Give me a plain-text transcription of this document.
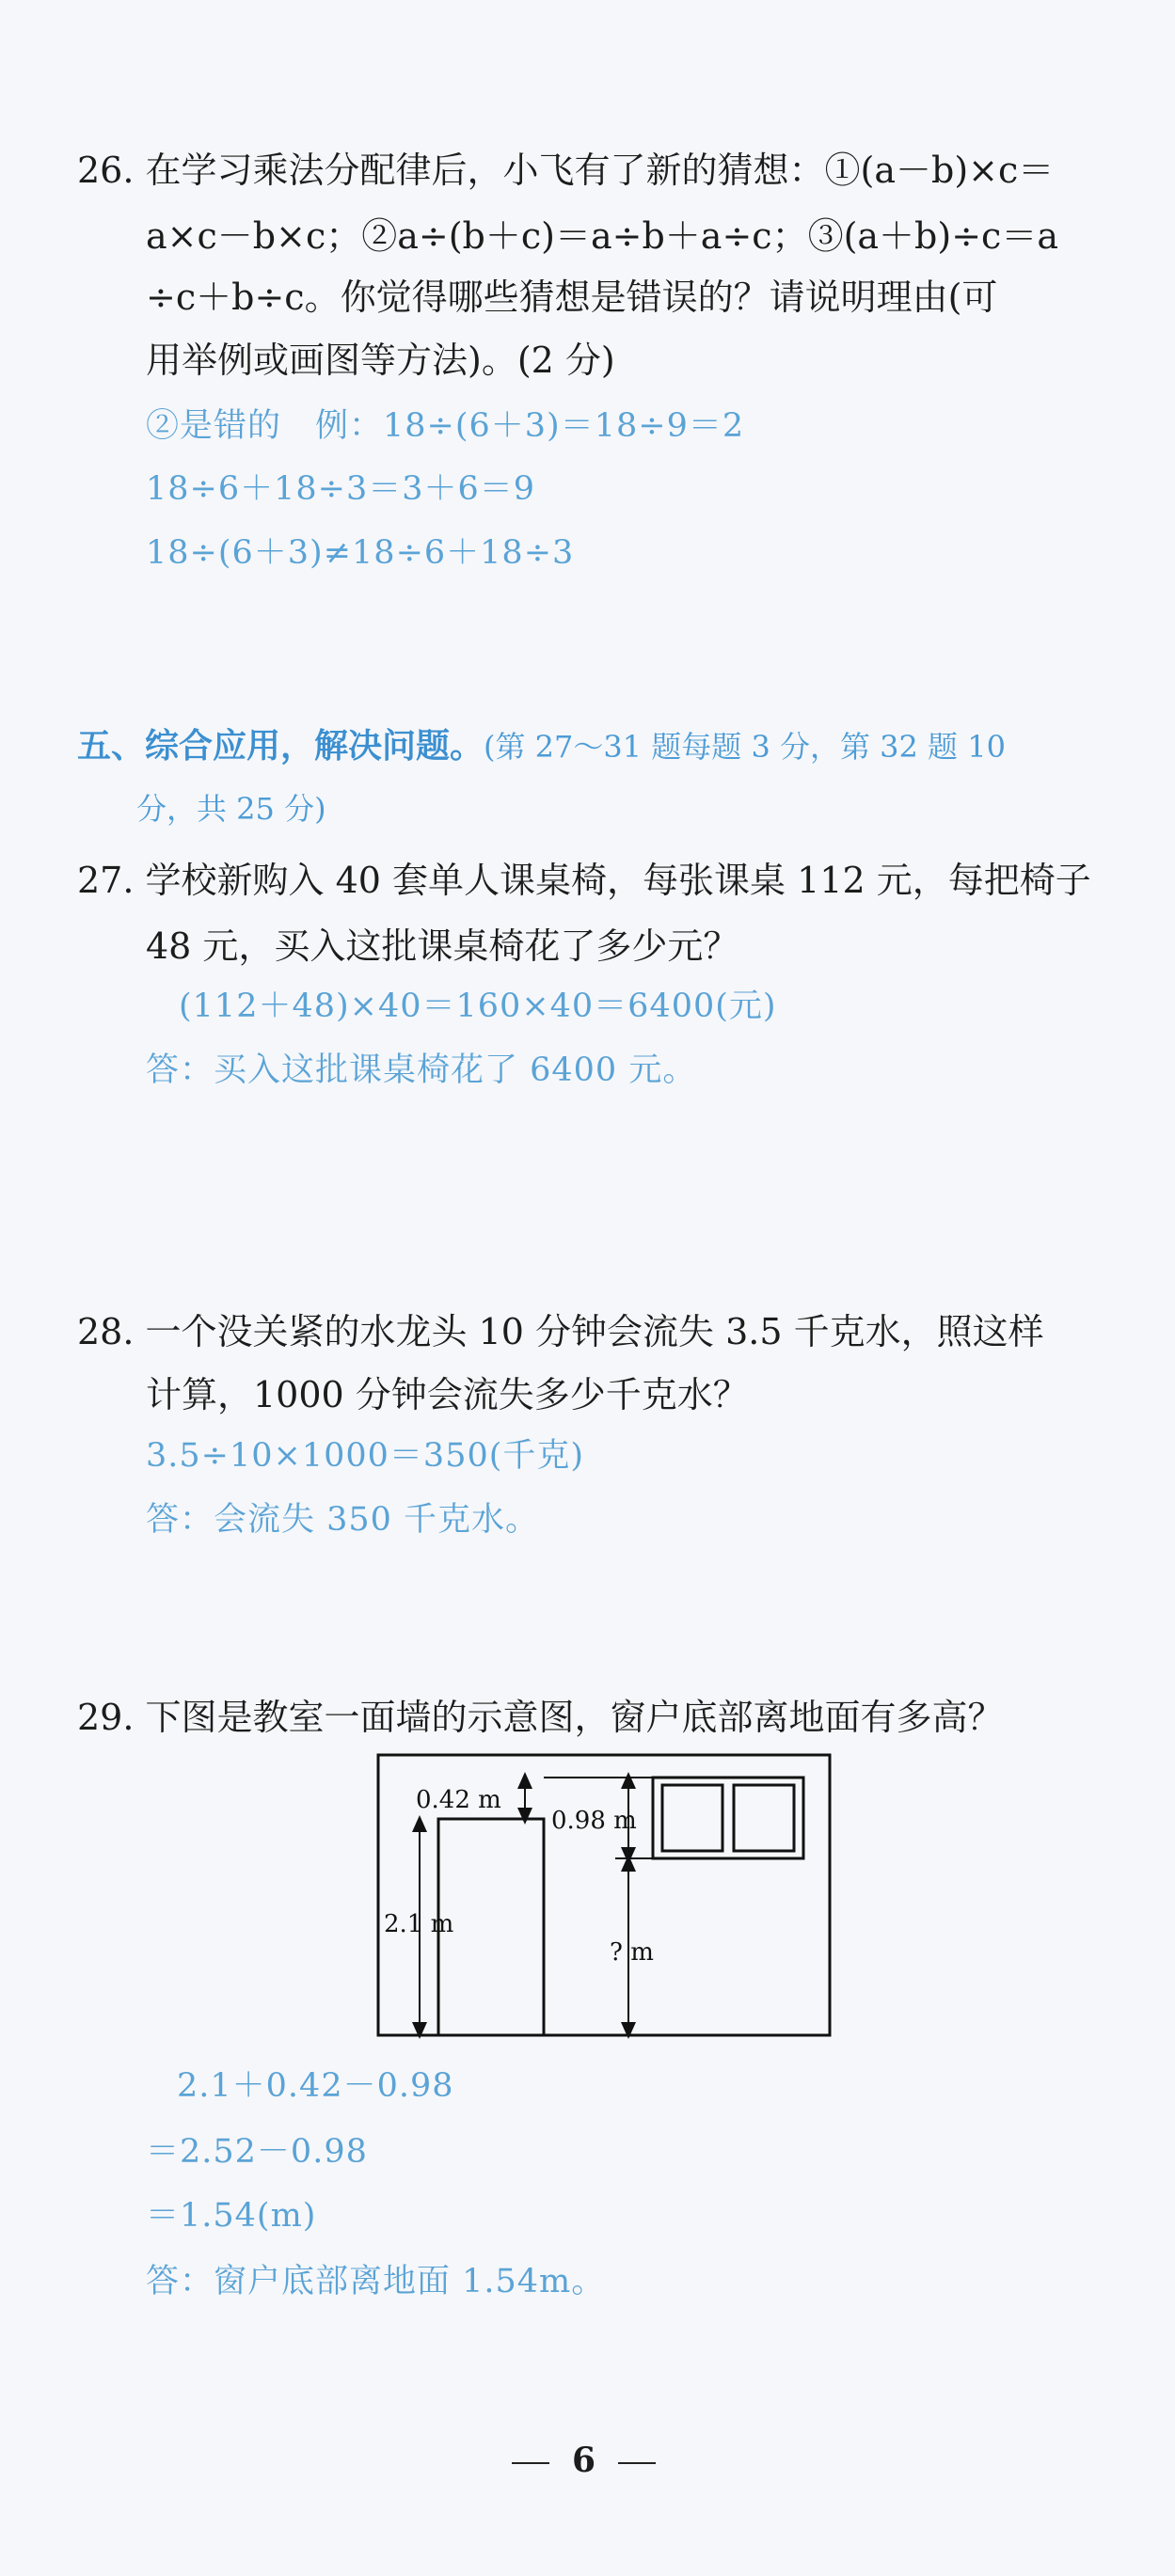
26. 在学习乘法分配律后，小飞有了新的猜想：①(a－b)×c＝
a×c－b×c；②a÷(b＋c)＝a÷b＋a÷c；③(a＋b)÷c＝a
÷c＋b÷c。你觉得哪些猜想是错误的？请说明理由(可
用举例或画图等方法)。(2 分)
②是错的　例：18÷(6＋3)＝18÷9＝2
18÷6＋18÷3＝3＋6＝9
18÷(6＋3)≠18÷6＋18÷3
五、综合应用，解决问题。(第 27～31 题每题 3 分，第 32 题 10
分，共 25 分)
27. 学校新购入 40 套单人课桌椅，每张课桌 112 元，每把椅子
48 元，买入这批课桌椅花了多少元？
(112＋48)×40＝160×40＝6400(元)
答：买入这批课桌椅花了 6400 元。
28. 一个没关紧的水龙头 10 分钟会流失 3.5 千克水，照这样
计算，1000 分钟会流失多少千克水？
3.5÷10×1000＝350(千克)
答：会流失 350 千克水。
29. 下图是教室一面墙的示意图，窗户底部离地面有多高？
0.42 m
0.98 m
2.1 m
? m
2.1＋0.42－0.98
＝2.52－0.98
＝1.54(m)
答：窗户底部离地面 1.54m。
6
